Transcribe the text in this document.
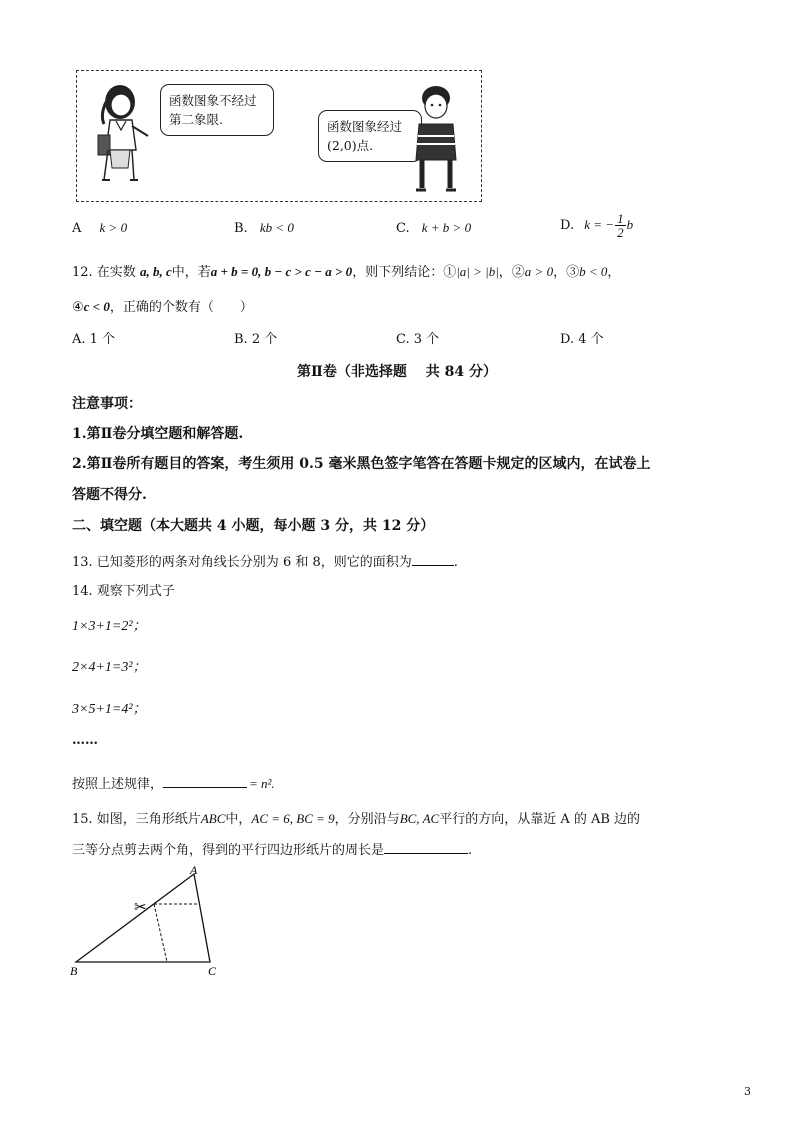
函数图象不经过第二象限.	函数图象经过(2,0)点.
A k > 0	B. kb < 0	C. k + b > 0	D. k = − $\frac{1}{2}$ b
12. 在实数 a, b, c中，若a + b = 0, b − c > c − a > 0，则下列结论：①|a| > |b|，②a > 0，③b < 0，
④c < 0，正确的个数有（　　）
A. 1 个	B. 2 个	C. 3 个	D. 4 个
第Ⅱ卷（非选择题　 共 84 分）
注意事项：
1.第Ⅱ卷分填空题和解答题.
2.第Ⅱ卷所有题目的答案，考生须用 0.5 毫米黑色签字笔答在答题卡规定的区域内，在试卷上
答题不得分.
二、填空题（本大题共 4 小题，每小题 3 分，共 12 分）
13. 已知菱形的两条对角线长分别为 6 和 8，则它的面积为	.
14. 观察下列式子
1×3+1=2²；
2×4+1=3²；
3×5+1=4²；
……
按照上述规律，	= n².
15. 如图，三角形纸片ABC中，AC = 6, BC = 9，分别沿与BC, AC平行的方向，从靠近 A 的 AB 边的
三等分点剪去两个角，得到的平行四边形纸片的周长是	.
A
B	C
✂
3
